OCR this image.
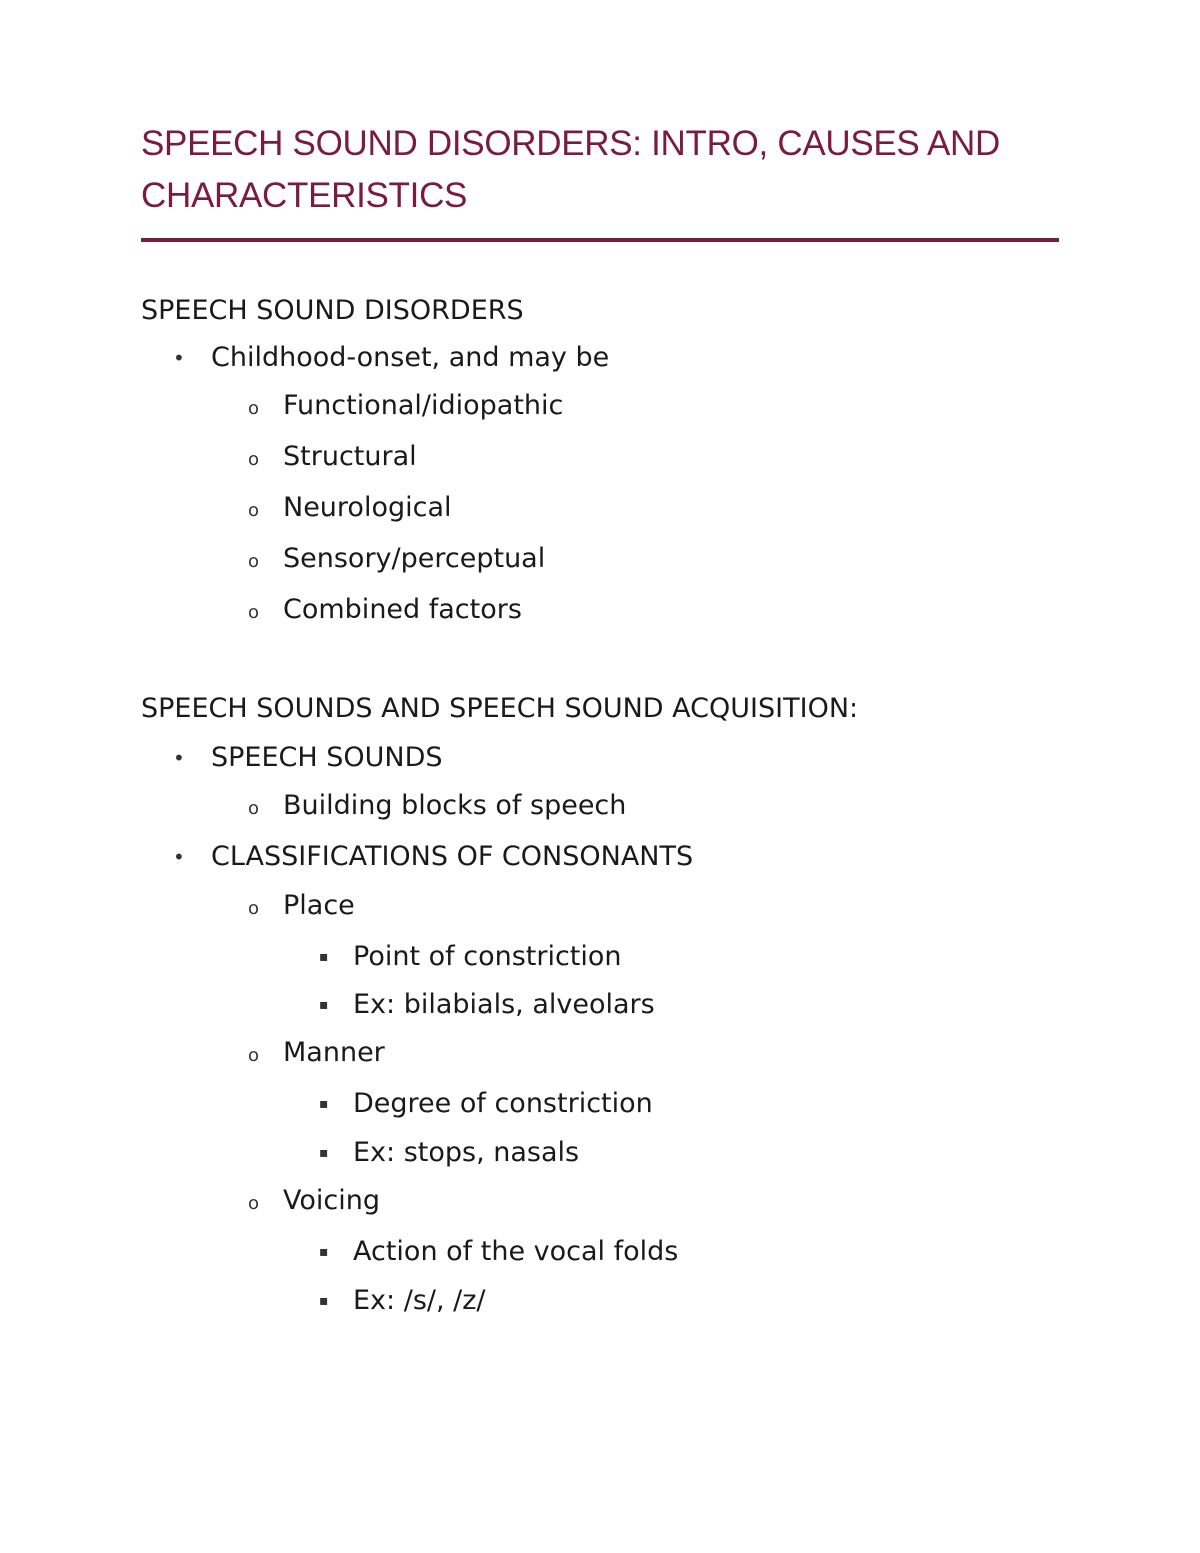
SPEECH SOUND DISORDERS: INTRO, CAUSES AND
CHARACTERISTICS
SPEECH SOUND DISORDERS
• Childhood-onset, and may be
o Functional/idiopathic
o Structural
o Neurological
o Sensory/perceptual
o Combined factors
SPEECH SOUNDS AND SPEECH SOUND ACQUISITION:
• SPEECH SOUNDS
o Building blocks of speech
• CLASSIFICATIONS OF CONSONANTS
o Place
▪ Point of constriction
▪ Ex: bilabials, alveolars
o Manner
▪ Degree of constriction
▪ Ex: stops, nasals
o Voicing
▪ Action of the vocal folds
▪ Ex: /s/, /z/
